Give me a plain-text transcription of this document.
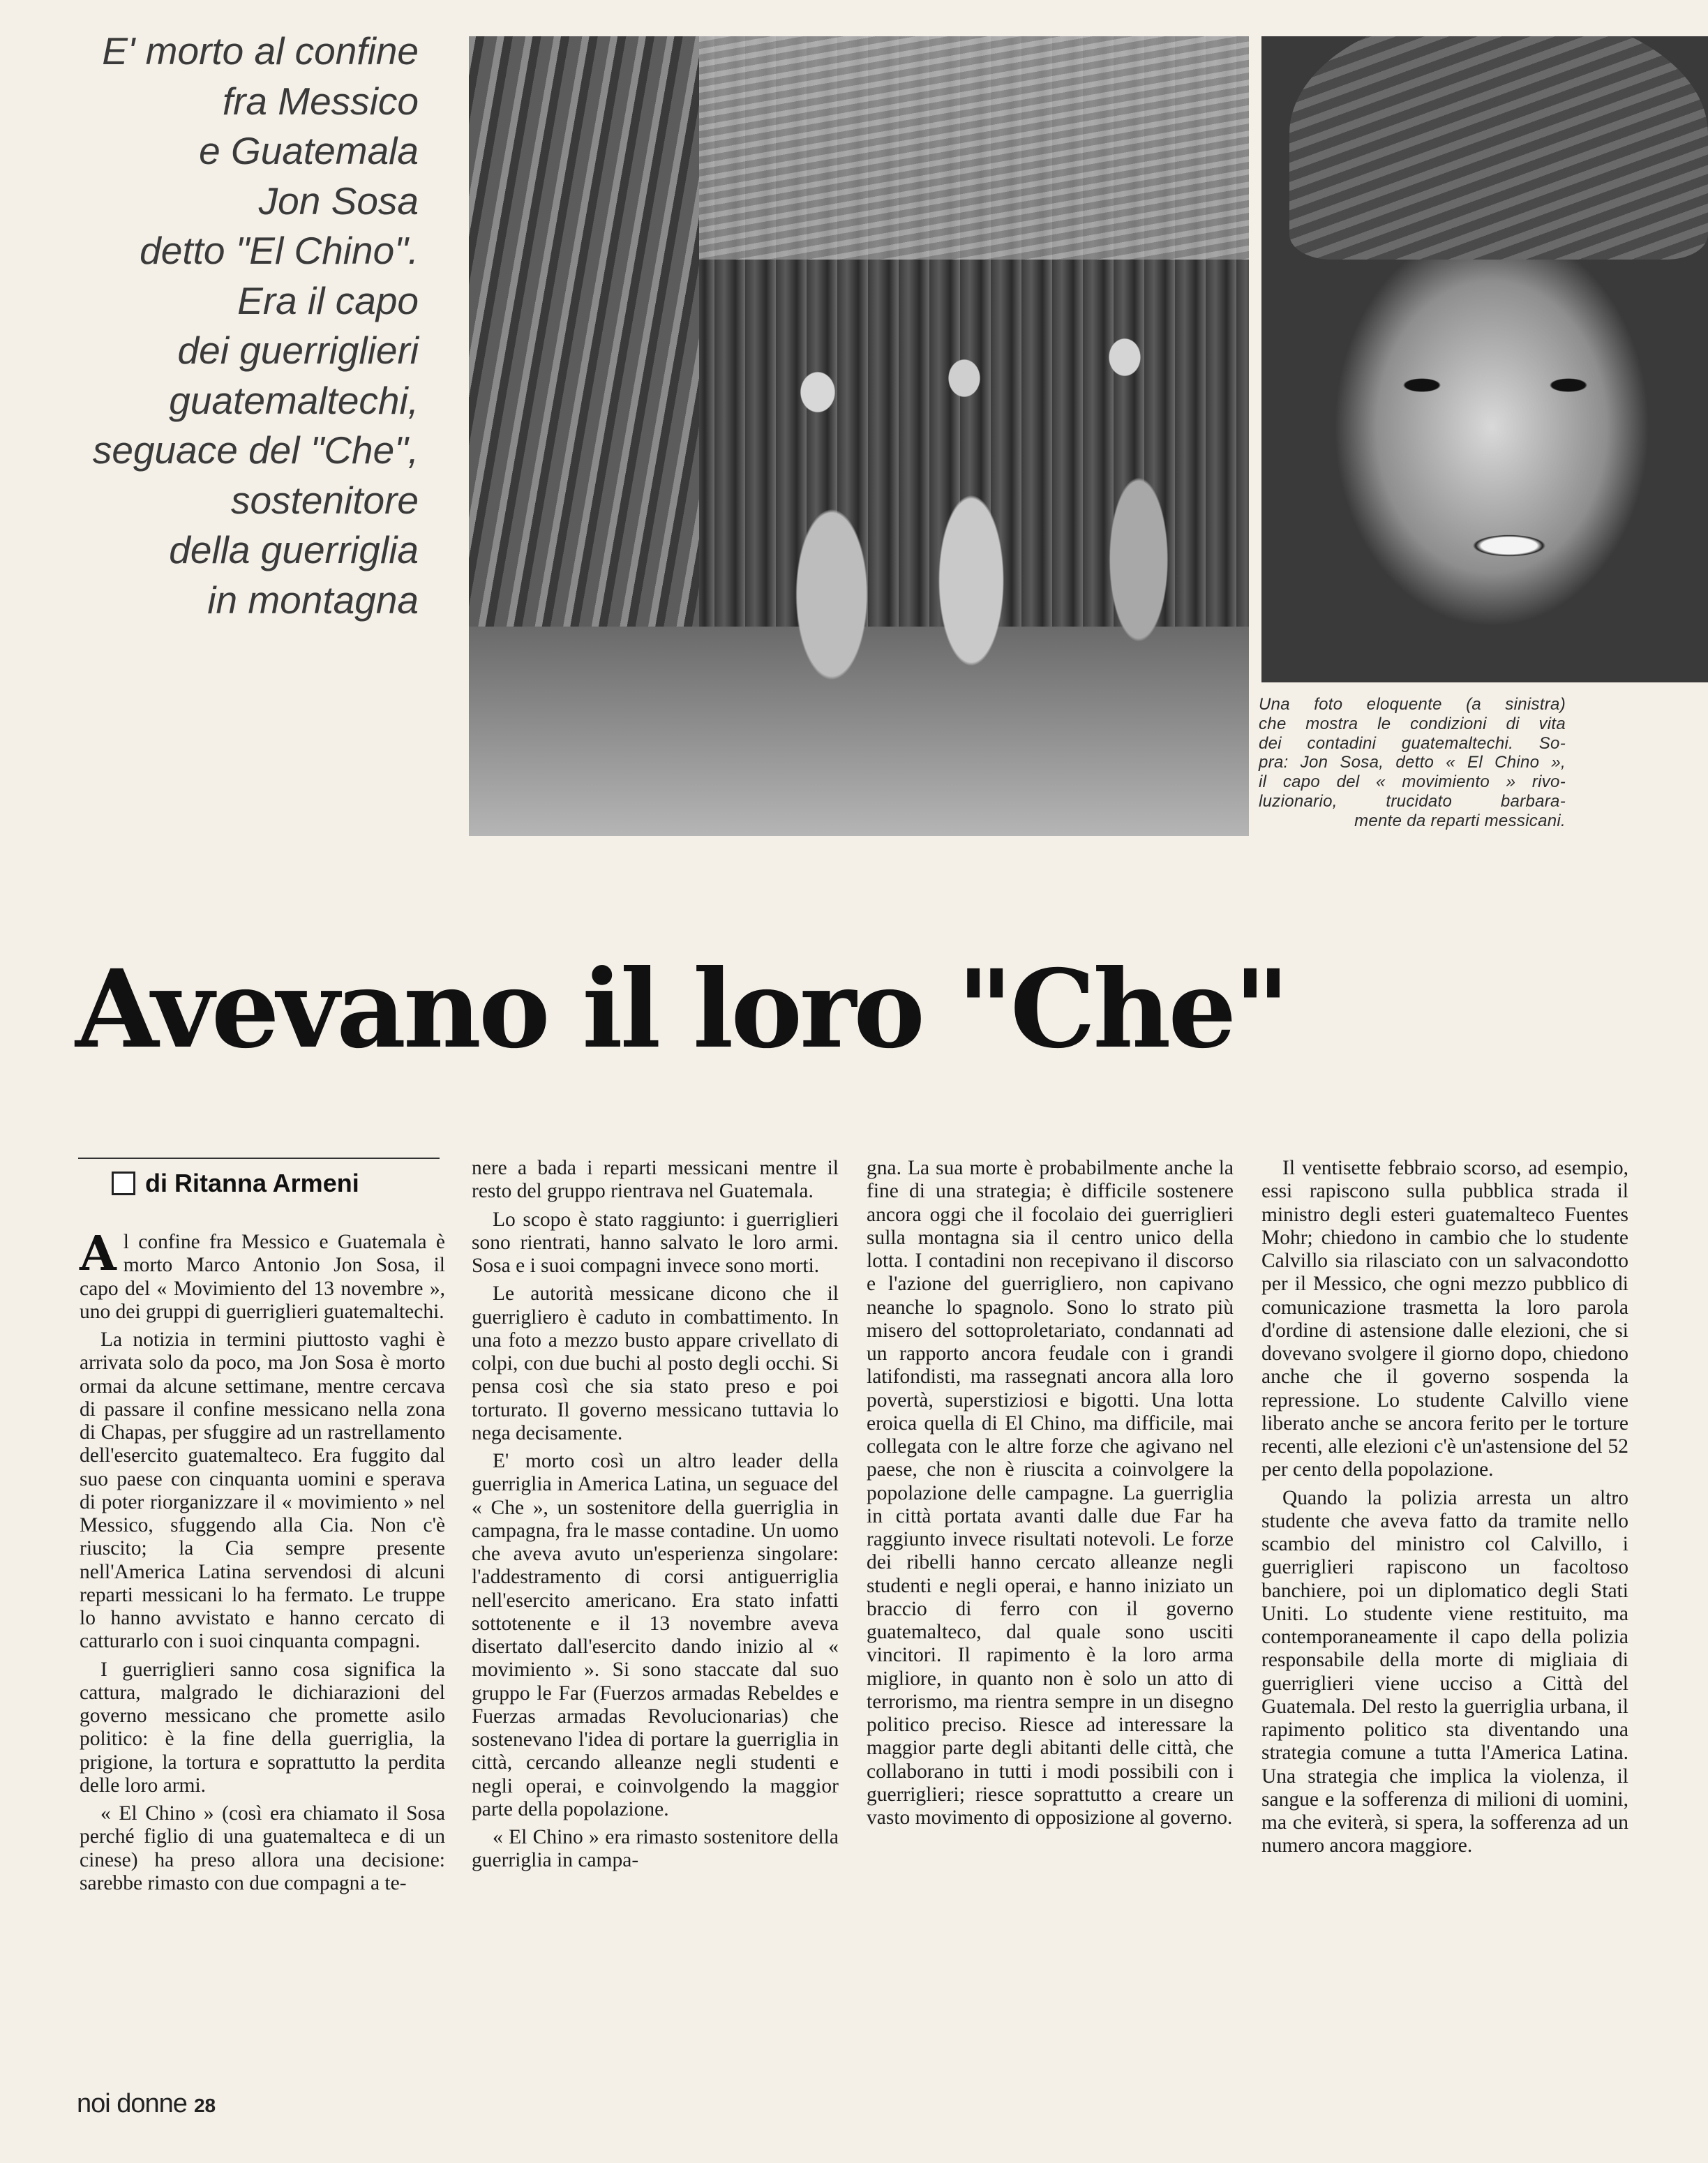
E' morto al confine
fra Messico
e Guatemala
Jon Sosa
detto "El Chino".
Era il capo
dei guerriglieri
guatemaltechi,
seguace del "Che",
sostenitore
della guerriglia
in montagna
Una foto eloquente (a sinistra)
che mostra le condizioni di vita
dei contadini guatemaltechi. So-
pra: Jon Sosa, detto « El Chino »,
il capo del « movimiento » rivo-
luzionario, trucidato barbara-
mente da reparti messicani.
Avevano il loro "Che"
di Ritanna Armeni

Al confine fra Messico e Guatemala è morto Marco Antonio Jon Sosa, il capo del « Movimiento del 13 novembre », uno dei gruppi di guerriglieri guatemaltechi.

La notizia in termini piuttosto vaghi è arrivata solo da poco, ma Jon Sosa è morto ormai da alcune settimane, mentre cercava di passare il confine messicano nella zona di Chapas, per sfuggire ad un rastrellamento dell'esercito guatemalteco. Era fuggito dal suo paese con cinquanta uomini e sperava di poter riorganizzare il « movimiento » nel Messico, sfuggendo alla Cia. Non c'è riuscito; la Cia sempre presente nell'America Latina servendosi di alcuni reparti messicani lo ha fermato. Le truppe lo hanno avvistato e hanno cercato di catturarlo con i suoi cinquanta compagni.

I guerriglieri sanno cosa significa la cattura, malgrado le dichiarazioni del governo messicano che promette asilo politico: è la fine della guerriglia, la prigione, la tortura e soprattutto la perdita delle loro armi.

« El Chino » (così era chiamato il Sosa perché figlio di una guatemalteca e di un cinese) ha preso allora una decisione: sarebbe rimasto con due compagni a te-

nere a bada i reparti messicani mentre il resto del gruppo rientrava nel Guatemala.

Lo scopo è stato raggiunto: i guerriglieri sono rientrati, hanno salvato le loro armi. Sosa e i suoi compagni invece sono morti.

Le autorità messicane dicono che il guerrigliero è caduto in combattimento. In una foto a mezzo busto appare crivellato di colpi, con due buchi al posto degli occhi. Si pensa così che sia stato preso e poi torturato. Il governo messicano tuttavia lo nega decisamente.

E' morto così un altro leader della guerriglia in America Latina, un seguace del « Che », un sostenitore della guerriglia in campagna, fra le masse contadine. Un uomo che aveva avuto un'esperienza singolare: l'addestramento di corsi antiguerriglia nell'esercito americano. Era stato infatti sottotenente e il 13 novembre aveva disertato dall'esercito dando inizio al « movimiento ». Si sono staccate dal suo gruppo le Far (Fuerzos armadas Rebeldes e Fuerzas armadas Revolucionarias) che sostenevano l'idea di portare la guerriglia in città, cercando alleanze negli studenti e negli operai, e coinvolgendo la maggior parte della popolazione.

« El Chino » era rimasto sostenitore della guerriglia in campa-

gna. La sua morte è probabilmente anche la fine di una strategia; è difficile sostenere ancora oggi che il focolaio dei guerriglieri sulla montagna sia il centro unico della lotta. I contadini non recepivano il discorso e l'azione del guerrigliero, non capivano neanche lo spagnolo. Sono lo strato più misero del sottoproletariato, condannati ad un rapporto ancora feudale con i grandi latifondisti, ma rassegnati ancora alla loro povertà, superstiziosi e bigotti. Una lotta eroica quella di El Chino, ma difficile, mai collegata con le altre forze che agivano nel paese, che non è riuscita a coinvolgere la popolazione delle campagne. La guerriglia in città portata avanti dalle due Far ha raggiunto invece risultati notevoli. Le forze dei ribelli hanno cercato alleanze negli studenti e negli operai, e hanno iniziato un braccio di ferro con il governo guatemalteco, dal quale sono usciti vincitori. Il rapimento è la loro arma migliore, in quanto non è solo un atto di terrorismo, ma rientra sempre in un disegno politico preciso. Riesce ad interessare la maggior parte degli abitanti delle città, che collaborano in tutti i modi possibili con i guerriglieri; riesce soprattutto a creare un vasto movimento di opposizione al governo.

Il ventisette febbraio scorso, ad esempio, essi rapiscono sulla pubblica strada il ministro degli esteri guatemalteco Fuentes Mohr; chiedono in cambio che lo studente Calvillo sia rilasciato con un salvacondotto per il Messico, che ogni mezzo pubblico di comunicazione trasmetta la loro parola d'ordine di astensione dalle elezioni, che si dovevano svolgere il giorno dopo, chiedono anche che il governo sospenda la repressione. Lo studente Calvillo viene liberato anche se ancora ferito per le torture recenti, alle elezioni c'è un'astensione del 52 per cento della popolazione.

Quando la polizia arresta un altro studente che aveva fatto da tramite nello scambio del ministro col Calvillo, i guerriglieri rapiscono un facoltoso banchiere, poi un diplomatico degli Stati Uniti. Lo studente viene restituito, ma contemporaneamente il capo della polizia responsabile della morte di migliaia di guerriglieri viene ucciso a Città del Guatemala. Del resto la guerriglia urbana, il rapimento politico sta diventando una strategia comune a tutta l'America Latina. Una strategia che implica la violenza, il sangue e la sofferenza di milioni di uomini, ma che eviterà, si spera, la sofferenza ad un numero ancora maggiore.

noi donne 28
